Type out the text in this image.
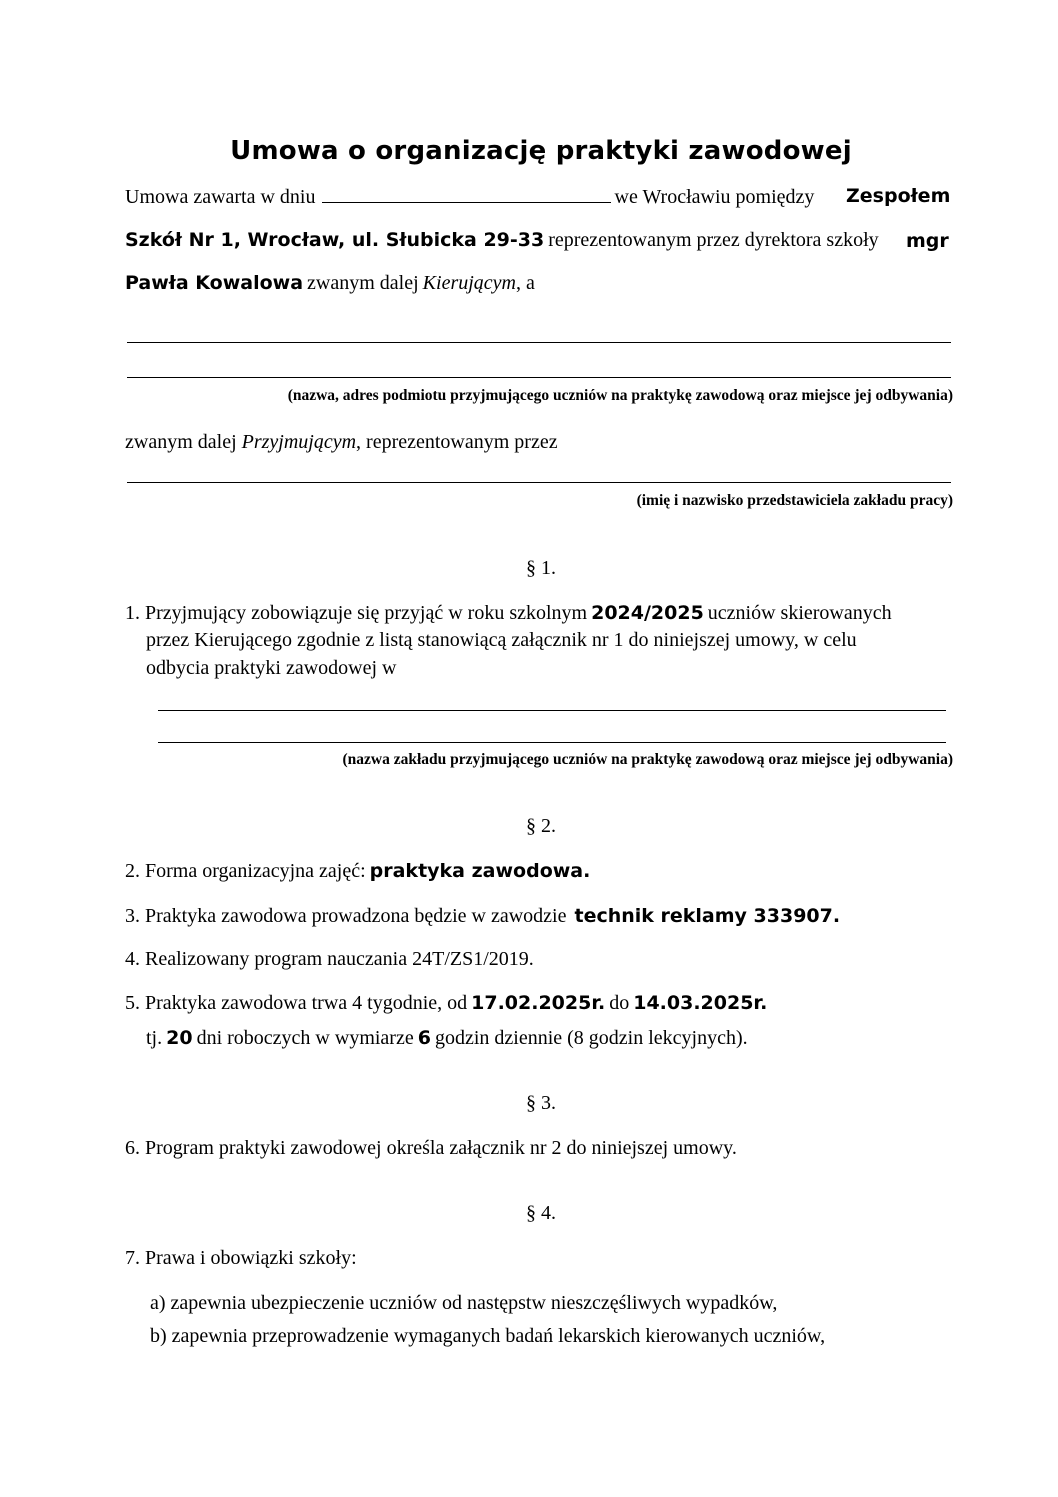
Umowa o organizację praktyki zawodowej
Umowa zawarta w dniu	we Wrocławiu pomiędzy Zespołem
Szkół Nr 1, Wrocław, ul. Słubicka 29-33 reprezentowanym przez dyrektora szkoły mgr
Pawła Kowalowa zwanym dalej Kierującym, a
(nazwa, adres podmiotu przyjmującego uczniów na praktykę zawodową oraz miejsce jej odbywania)
zwanym dalej Przyjmującym, reprezentowanym przez
(imię i nazwisko przedstawiciela zakładu pracy)
§ 1.
1. Przyjmujący zobowiązuje się przyjąć w roku szkolnym 2024/2025 uczniów skierowanych
przez Kierującego zgodnie z listą stanowiącą załącznik nr 1 do niniejszej umowy, w celu
odbycia praktyki zawodowej w
(nazwa zakładu przyjmującego uczniów na praktykę zawodową oraz miejsce jej odbywania)
§ 2.
2. Forma organizacyjna zajęć: praktyka zawodowa.
3. Praktyka zawodowa prowadzona będzie w zawodzie technik reklamy 333907.
4. Realizowany program nauczania 24T/ZS1/2019.
5. Praktyka zawodowa trwa 4 tygodnie, od 17.02.2025r. do 14.03.2025r.
tj. 20 dni roboczych w wymiarze 6 godzin dziennie (8 godzin lekcyjnych).
§ 3.
6. Program praktyki zawodowej określa załącznik nr 2 do niniejszej umowy.
§ 4.
7. Prawa i obowiązki szkoły:
a) zapewnia ubezpieczenie uczniów od następstw nieszczęśliwych wypadków,
b) zapewnia przeprowadzenie wymaganych badań lekarskich kierowanych uczniów,
